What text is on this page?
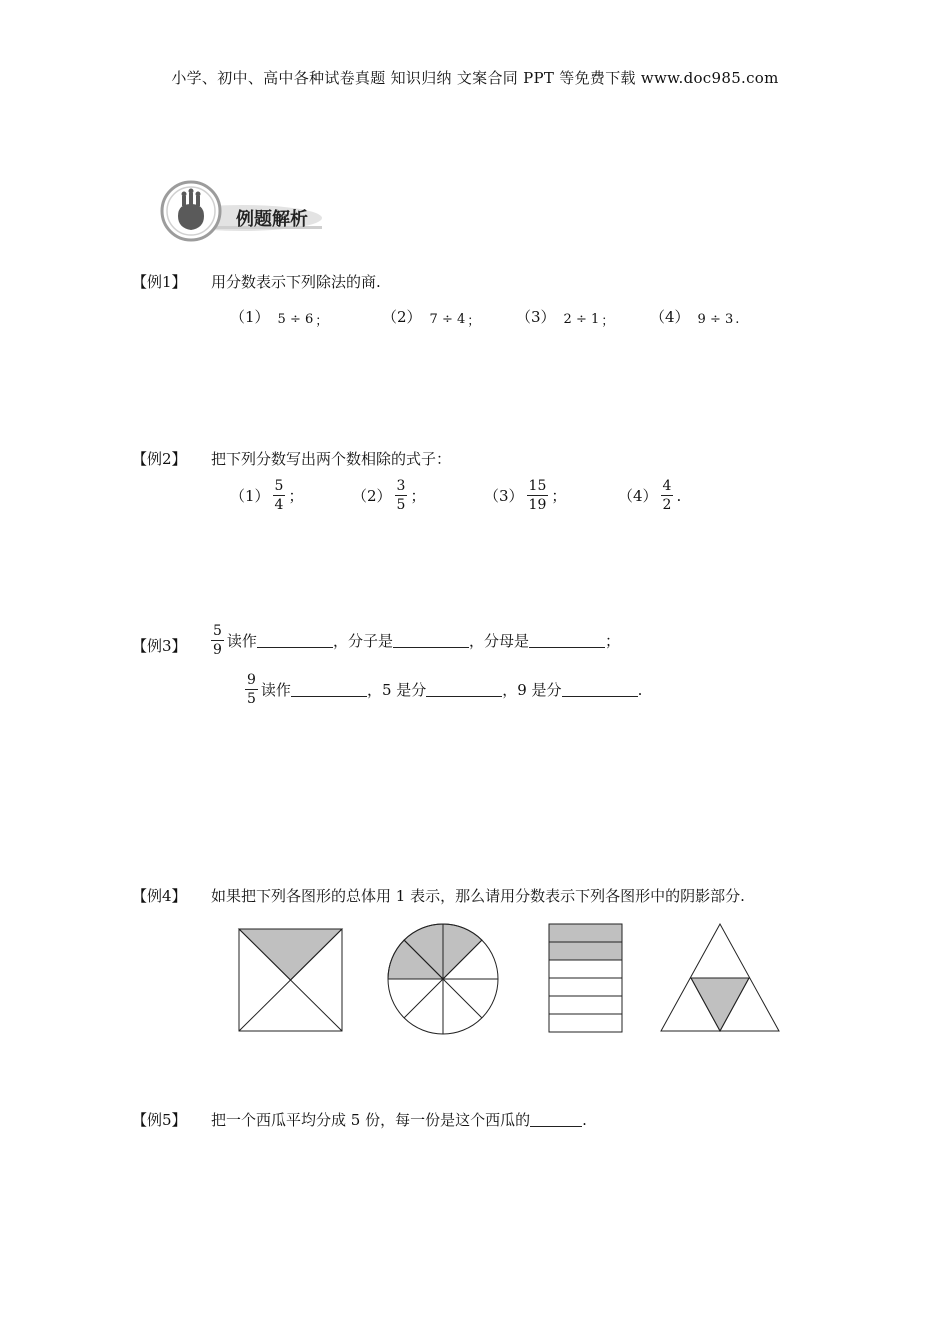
小学、初中、高中各种试卷真题 知识归纳 文案合同 PPT 等免费下载 www.doc985.com
例题解析
【例1】 用分数表示下列除法的商.
（1） 5 ÷ 6 ；	（2） 7 ÷ 4 ； （3） 2 ÷ 1 ； （4） 9 ÷ 3 .
【例2】 把下列分数写出两个数相除的式子：
$(1) \frac{5}{4}$ ；	$(2) \frac{3}{5}$ ；	$(3) \frac{15}{19}$ ；	$(4) \frac{4}{2}$ .
【例3】 $\frac{5}{9}$ 读作	，分子是	，分母是	；
$\frac{9}{5}$ 读作	，5 是分	，9 是分	.
【例4】 如果把下列各图形的总体用 1 表示，那么请用分数表示下列各图形中的阴影部分.
【例5】 把一个西瓜平均分成 5 份，每一份是这个西瓜的	.
